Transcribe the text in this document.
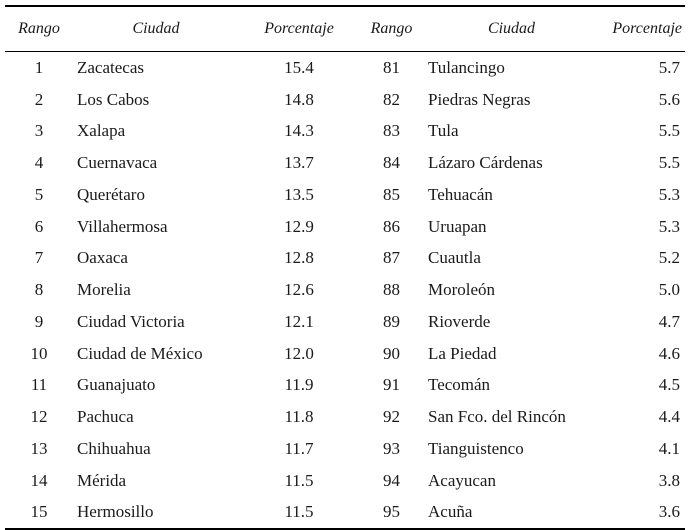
Rango	Ciudad	Porcentaje	Rango	Ciudad	Porcentaje
1	Zacatecas	15.4	81	Tulancingo	5.7
2	Los Cabos	14.8	82	Piedras Negras	5.6
3	Xalapa	14.3	83	Tula	5.5
4	Cuernavaca	13.7	84	Lázaro Cárdenas	5.5
5	Querétaro	13.5	85	Tehuacán	5.3
6	Villahermosa	12.9	86	Uruapan	5.3
7	Oaxaca	12.8	87	Cuautla	5.2
8	Morelia	12.6	88	Moroleón	5.0
9	Ciudad Victoria	12.1	89	Rioverde	4.7
10	Ciudad de México	12.0	90	La Piedad	4.6
11	Guanajuato	11.9	91	Tecomán	4.5
12	Pachuca	11.8	92	San Fco. del Rincón	4.4
13	Chihuahua	11.7	93	Tianguistenco	4.1
14	Mérida	11.5	94	Acayucan	3.8
15	Hermosillo	11.5	95	Acuña	3.6
